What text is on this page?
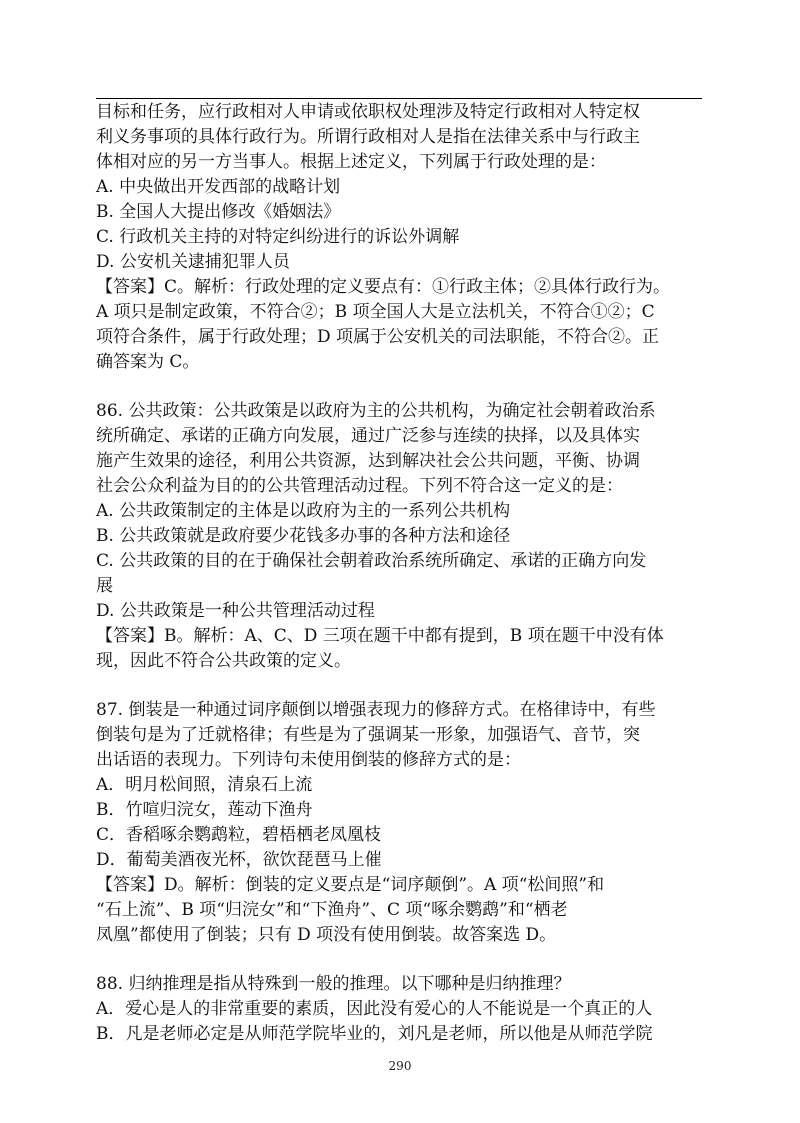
目标和任务，应行政相对人申请或依职权处理涉及特定行政相对人特定权
利义务事项的具体行政行为。所谓行政相对人是指在法律关系中与行政主
体相对应的另一方当事人。根据上述定义，下列属于行政处理的是：
A. 中央做出开发西部的战略计划
B. 全国人大提出修改《婚姻法》
C. 行政机关主持的对特定纠纷进行的诉讼外调解
D. 公安机关逮捕犯罪人员
【答案】C。解析：行政处理的定义要点有：①行政主体；②具体行政行为。
A 项只是制定政策，不符合②；B 项全国人大是立法机关，不符合①②；C
项符合条件，属于行政处理；D 项属于公安机关的司法职能，不符合②。正
确答案为 C。
86. 公共政策：公共政策是以政府为主的公共机构，为确定社会朝着政治系
统所确定、承诺的正确方向发展，通过广泛参与连续的抉择，以及具体实
施产生效果的途径，利用公共资源，达到解决社会公共问题，平衡、协调
社会公众利益为目的的公共管理活动过程。下列不符合这一定义的是：
A. 公共政策制定的主体是以政府为主的一系列公共机构
B. 公共政策就是政府要少花钱多办事的各种方法和途径
C. 公共政策的目的在于确保社会朝着政治系统所确定、承诺的正确方向发
展
D. 公共政策是一种公共管理活动过程
【答案】B。解析：A、C、D 三项在题干中都有提到，B 项在题干中没有体
现，因此不符合公共政策的定义。
87. 倒装是一种通过词序颠倒以增强表现力的修辞方式。在格律诗中，有些
倒装句是为了迁就格律；有些是为了强调某一形象，加强语气、音节，突
出话语的表现力。下列诗句未使用倒装的修辞方式的是：
A．明月松间照，清泉石上流
B．竹喧归浣女，莲动下渔舟
C．香稻啄余鹦鹉粒，碧梧栖老凤凰枝
D．葡萄美酒夜光杯，欲饮琵琶马上催
【答案】D。解析：倒装的定义要点是“词序颠倒”。A 项“松间照”和
“石上流”、B 项“归浣女”和“下渔舟”、C 项“啄余鹦鹉”和“栖老
凤凰”都使用了倒装；只有 D 项没有使用倒装。故答案选 D。
88. 归纳推理是指从特殊到一般的推理。以下哪种是归纳推理？
A．爱心是人的非常重要的素质，因此没有爱心的人不能说是一个真正的人
B．凡是老师必定是从师范学院毕业的，刘凡是老师，所以他是从师范学院
290
